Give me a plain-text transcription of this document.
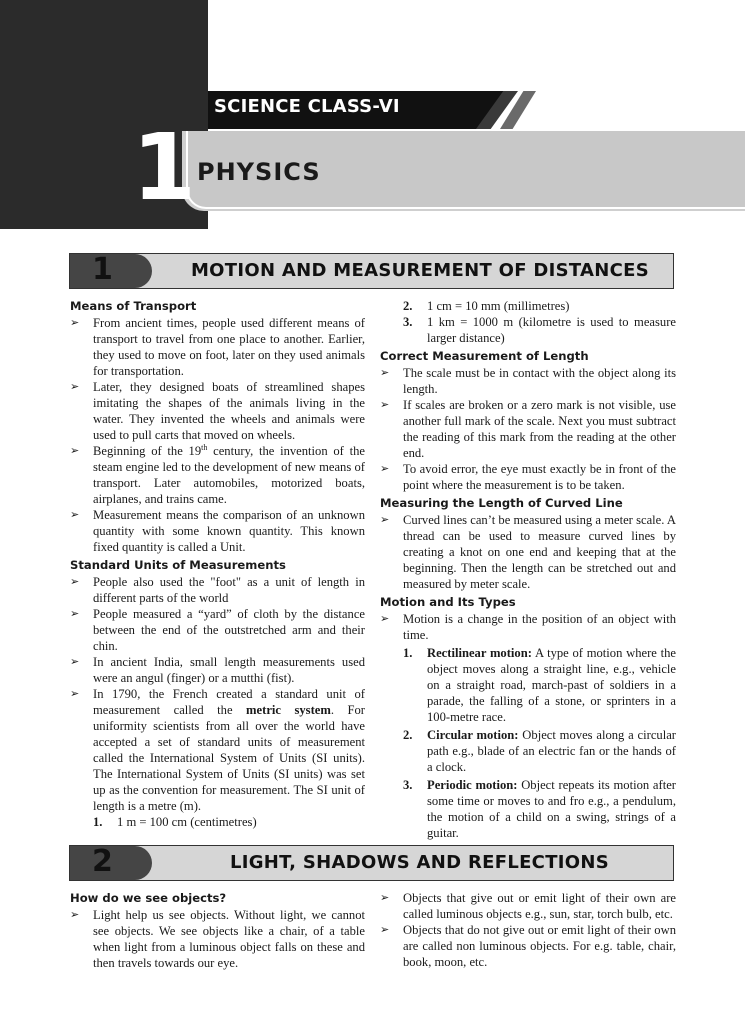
SCIENCE CLASS-VI
1 PHYSICS
1	MOTION AND MEASUREMENT OF DISTANCES

Means of Transport

➢ From ancient times, people used different means of transport to travel from one place to another. Earlier, they used to move on foot, later on they used animals for transportation.

➢ Later, they designed boats of streamlined shapes imitating the shapes of the animals living in the water. They invented the wheels and animals were used to pull carts that moved on wheels.

➢ Beginning of the 19th century, the invention of the steam engine led to the development of new means of transport. Later automobiles, motorized boats, airplanes, and trains came.

➢ Measurement means the comparison of an unknown quantity with some known quantity. This known fixed quantity is called a Unit.

Standard Units of Measurements

➢ People also used the "foot" as a unit of length in different parts of the world

➢ People measured a “yard” of cloth by the distance between the end of the outstretched arm and their chin.

➢ In ancient India, small length measurements used were an angul (finger) or a mutthi (fist).

➢ In 1790, the French created a standard unit of measurement called the metric system. For uniformity scientists from all over the world have accepted a set of standard units of measurement called the International System of Units (SI units). The International System of Units (SI units) was set up as the convention for measurement. The SI unit of length is a metre (m).

1. 1 m = 100 cm (centimetres)

2. 1 cm = 10 mm (millimetres)

3. 1 km = 1000 m (kilometre is used to measure larger distance)

Correct Measurement of Length

➢ The scale must be in contact with the object along its length.

➢ If scales are broken or a zero mark is not visible, use another full mark of the scale. Next you must subtract the reading of this mark from the reading at the other end.

➢ To avoid error, the eye must exactly be in front of the point where the measurement is to be taken.

Measuring the Length of Curved Line

➢ Curved lines can’t be measured using a meter scale. A thread can be used to measure curved lines by creating a knot on one end and keeping that at the beginning. Then the length can be stretched out and measured by meter scale.

Motion and Its Types

➢ Motion is a change in the position of an object with time.

1. Rectilinear motion: A type of motion where the object moves along a straight line, e.g., vehicle on a straight road, march-past of soldiers in a parade, the falling of a stone, or sprinters in a 100-metre race.

2. Circular motion: Object moves along a circular path e.g., blade of an electric fan or the hands of a clock.

3. Periodic motion: Object repeats its motion after some time or moves to and fro e.g., a pendulum, the motion of a child on a swing, strings of a guitar.

2	LIGHT, SHADOWS AND REFLECTIONS

How do we see objects?

➢ Light help us see objects. Without light, we cannot see objects. We see objects like a chair, of a table when light from a luminous object falls on these and then travels towards our eye.

➢ Objects that give out or emit light of their own are called luminous objects e.g., sun, star, torch bulb, etc.

➢ Objects that do not give out or emit light of their own are called non luminous objects. For e.g. table, chair, book, moon, etc.
